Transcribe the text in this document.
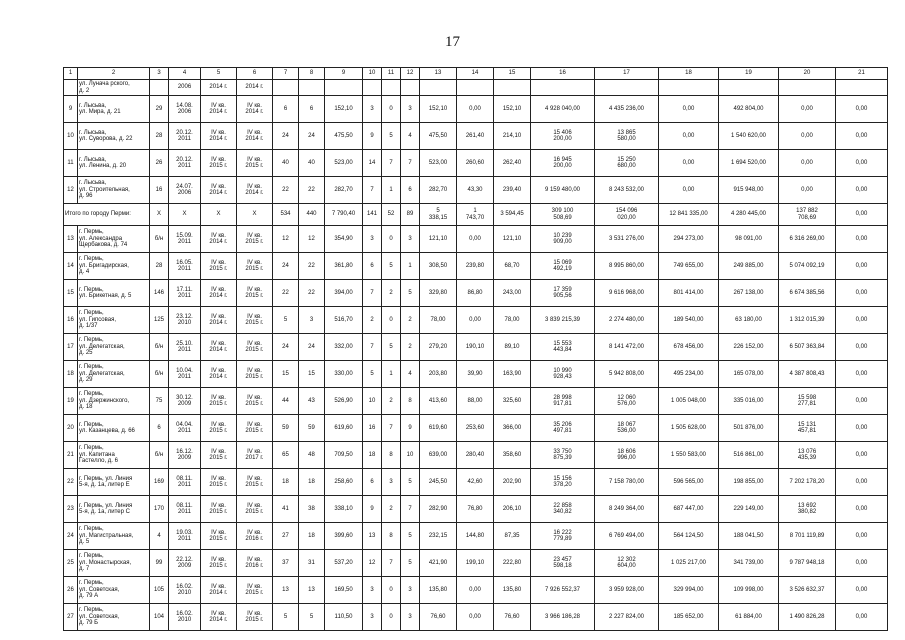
17
1	2	3	4	5	6	7	8	9	10	11	12	13	14	15	16	17	18	19	20	21
	ул. Лунача рского,
д. 2		2006	2014 г.	2014 г.															
9	г. Лысьва,
ул. Мира, д. 21	29	14.08.
2006	IV кв.
2014 г.	IV кв.
2014 г.	6	6	152,10	3	0	3	152,10	0,00	152,10	4 928 040,00	4 435 236,00	0,00	492 804,00	0,00	0,00
10	г. Лысьва,
ул. Суворова, д. 22	28	20.12.
2011	IV кв.
2014 г.	IV кв.
2014 г.	24	24	475,50	9	5	4	475,50	261,40	214,10	15 406
200,00	13 865
580,00	0,00	1 540 620,00	0,00	0,00
11	г. Лысьва,
ул. Ленина, д. 20	26	20.12.
2011	IV кв.
2015 г.	IV кв.
2015 г.	40	40	523,00	14	7	7	523,00	260,60	262,40	16 945
200,00	15 250
680,00	0,00	1 694 520,00	0,00	0,00
12	г. Лысьва,
ул. Строительная,
д. 96	16	24.07.
2006	IV кв.
2014 г.	IV кв.
2014 г.	22	22	282,70	7	1	6	282,70	43,30	239,40	9 159 480,00	8 243 532,00	0,00	915 948,00	0,00	0,00
Итого по городу Перми:		X	X	X	X	534	440	7 790,40	141	52	89	5
338,15	1
743,70	3 594,45	309 100
508,69	154 096
020,00	12 841 335,00	4 280 445,00	137 882
708,69	0,00
13	г. Пермь,
ул. Александра
Щербакова, д. 74	б/н	15.09.
2011	IV кв.
2014 г.	IV кв.
2015 г.	12	12	354,90	3	0	3	121,10	0,00	121,10	10 239
909,00	3 531 276,00	294 273,00	98 091,00	6 316 269,00	0,00
14	г. Пермь,
ул. Бригадирская,
д. 4	28	16.05.
2011	IV кв.
2015 г.	IV кв.
2015 г.	24	22	361,80	6	5	1	308,50	239,80	68,70	15 069
492,19	8 995 860,00	749 655,00	249 885,00	5 074 092,19	0,00
15	г. Пермь,
ул. Брикетная, д. 5	146	17.11.
2011	IV кв.
2014 г.	IV кв.
2015 г.	22	22	394,00	7	2	5	329,80	86,80	243,00	17 359
905,56	9 616 968,00	801 414,00	267 138,00	6 674 385,56	0,00
16	г. Пермь,
ул. Гипсовая,
д. 1/37	125	23.12.
2010	IV кв.
2014 г.	IV кв.
2015 г.	5	3	516,70	2	0	2	78,00	0,00	78,00	3 839 215,39	2 274 480,00	189 540,00	63 180,00	1 312 015,39	0,00
17	г. Пермь,
ул. Делегатская,
д. 25	б/н	25.10.
2011	IV кв.
2014 г.	IV кв.
2015 г.	24	24	332,00	7	5	2	279,20	190,10	89,10	15 553
443,84	8 141 472,00	678 456,00	226 152,00	6 507 363,84	0,00
18	г. Пермь,
ул. Делегатская,
д. 29	б/н	10.04.
2011	IV кв.
2014 г.	IV кв.
2015 г.	15	15	330,00	5	1	4	203,80	39,90	163,90	10 990
928,43	5 942 808,00	495 234,00	165 078,00	4 387 808,43	0,00
19	г. Пермь,
ул. Дзержинского,
д. 18	75	30.12.
2009	IV кв.
2015 г.	IV кв.
2015 г.	44	43	526,90	10	2	8	413,60	88,00	325,60	28 998
917,81	12 060
576,00	1 005 048,00	335 016,00	15 598
277,81	0,00
20	г. Пермь,
ул. Казанцева, д. 66	6	04.04.
2011	IV кв.
2015 г.	IV кв.
2015 г.	59	59	619,60	16	7	9	619,60	253,60	366,00	35 206
497,81	18 067
536,00	1 505 628,00	501 876,00	15 131
457,81	0,00
21	г. Пермь,
ул. Капитана
Гастелло, д. 6	б/н	16.12.
2009	IV кв.
2015 г.	IV кв.
2017 г.	65	48	709,50	18	8	10	639,00	280,40	358,60	33 750
875,39	18 606
996,00	1 550 583,00	516 861,00	13 076
435,39	0,00
22	г. Пермь, ул. Линия
5-я, д. 1а, литер Е	169	08.11.
2011	IV кв.
2015 г.	IV кв.
2015 г.	18	18	258,60	6	3	5	245,50	42,60	202,90	15 156
378,20	7 158 780,00	596 565,00	198 855,00	7 202 178,20	0,00
23	г. Пермь, ул. Линия
5-я, д. 1а, литер С	170	08.11.
2011	IV кв.
2015 г.	IV кв.
2015 г.	41	38	338,10	9	2	7	282,90	76,80	206,10	22 858
340,82	8 249 364,00	687 447,00	229 149,00	13 692
380,82	0,00
24	г. Пермь,
ул. Магистральная,
д. 5	4	19.03.
2011	IV кв.
2015 г.	IV кв.
2016 г.	27	18	399,60	13	8	5	232,15	144,80	87,35	16 222
779,89	6 769 494,00	564 124,50	188 041,50	8 701 119,89	0,00
25	г. Пермь,
ул. Монастырская,
д. 7	99	22.12.
2009	IV кв.
2015 г.	IV кв.
2016 г.	37	31	537,20	12	7	5	421,90	199,10	222,80	23 457
598,18	12 302
604,00	1 025 217,00	341 739,00	9 787 948,18	0,00
26	г. Пермь,
ул. Советская,
д. 79 А	105	16.02.
2010	IV кв.
2014 г.	IV кв.
2015 г.	13	13	169,50	3	0	3	135,80	0,00	135,80	7 926 552,37	3 959 928,00	329 994,00	109 998,00	3 526 632,37	0,00
27	г. Пермь,
ул. Советская,
д. 79 Б	104	16.02.
2010	IV кв.
2014 г.	IV кв.
2015 г.	5	5	110,50	3	0	3	76,60	0,00	76,60	3 966 186,28	2 227 824,00	185 652,00	61 884,00	1 490 826,28	0,00
